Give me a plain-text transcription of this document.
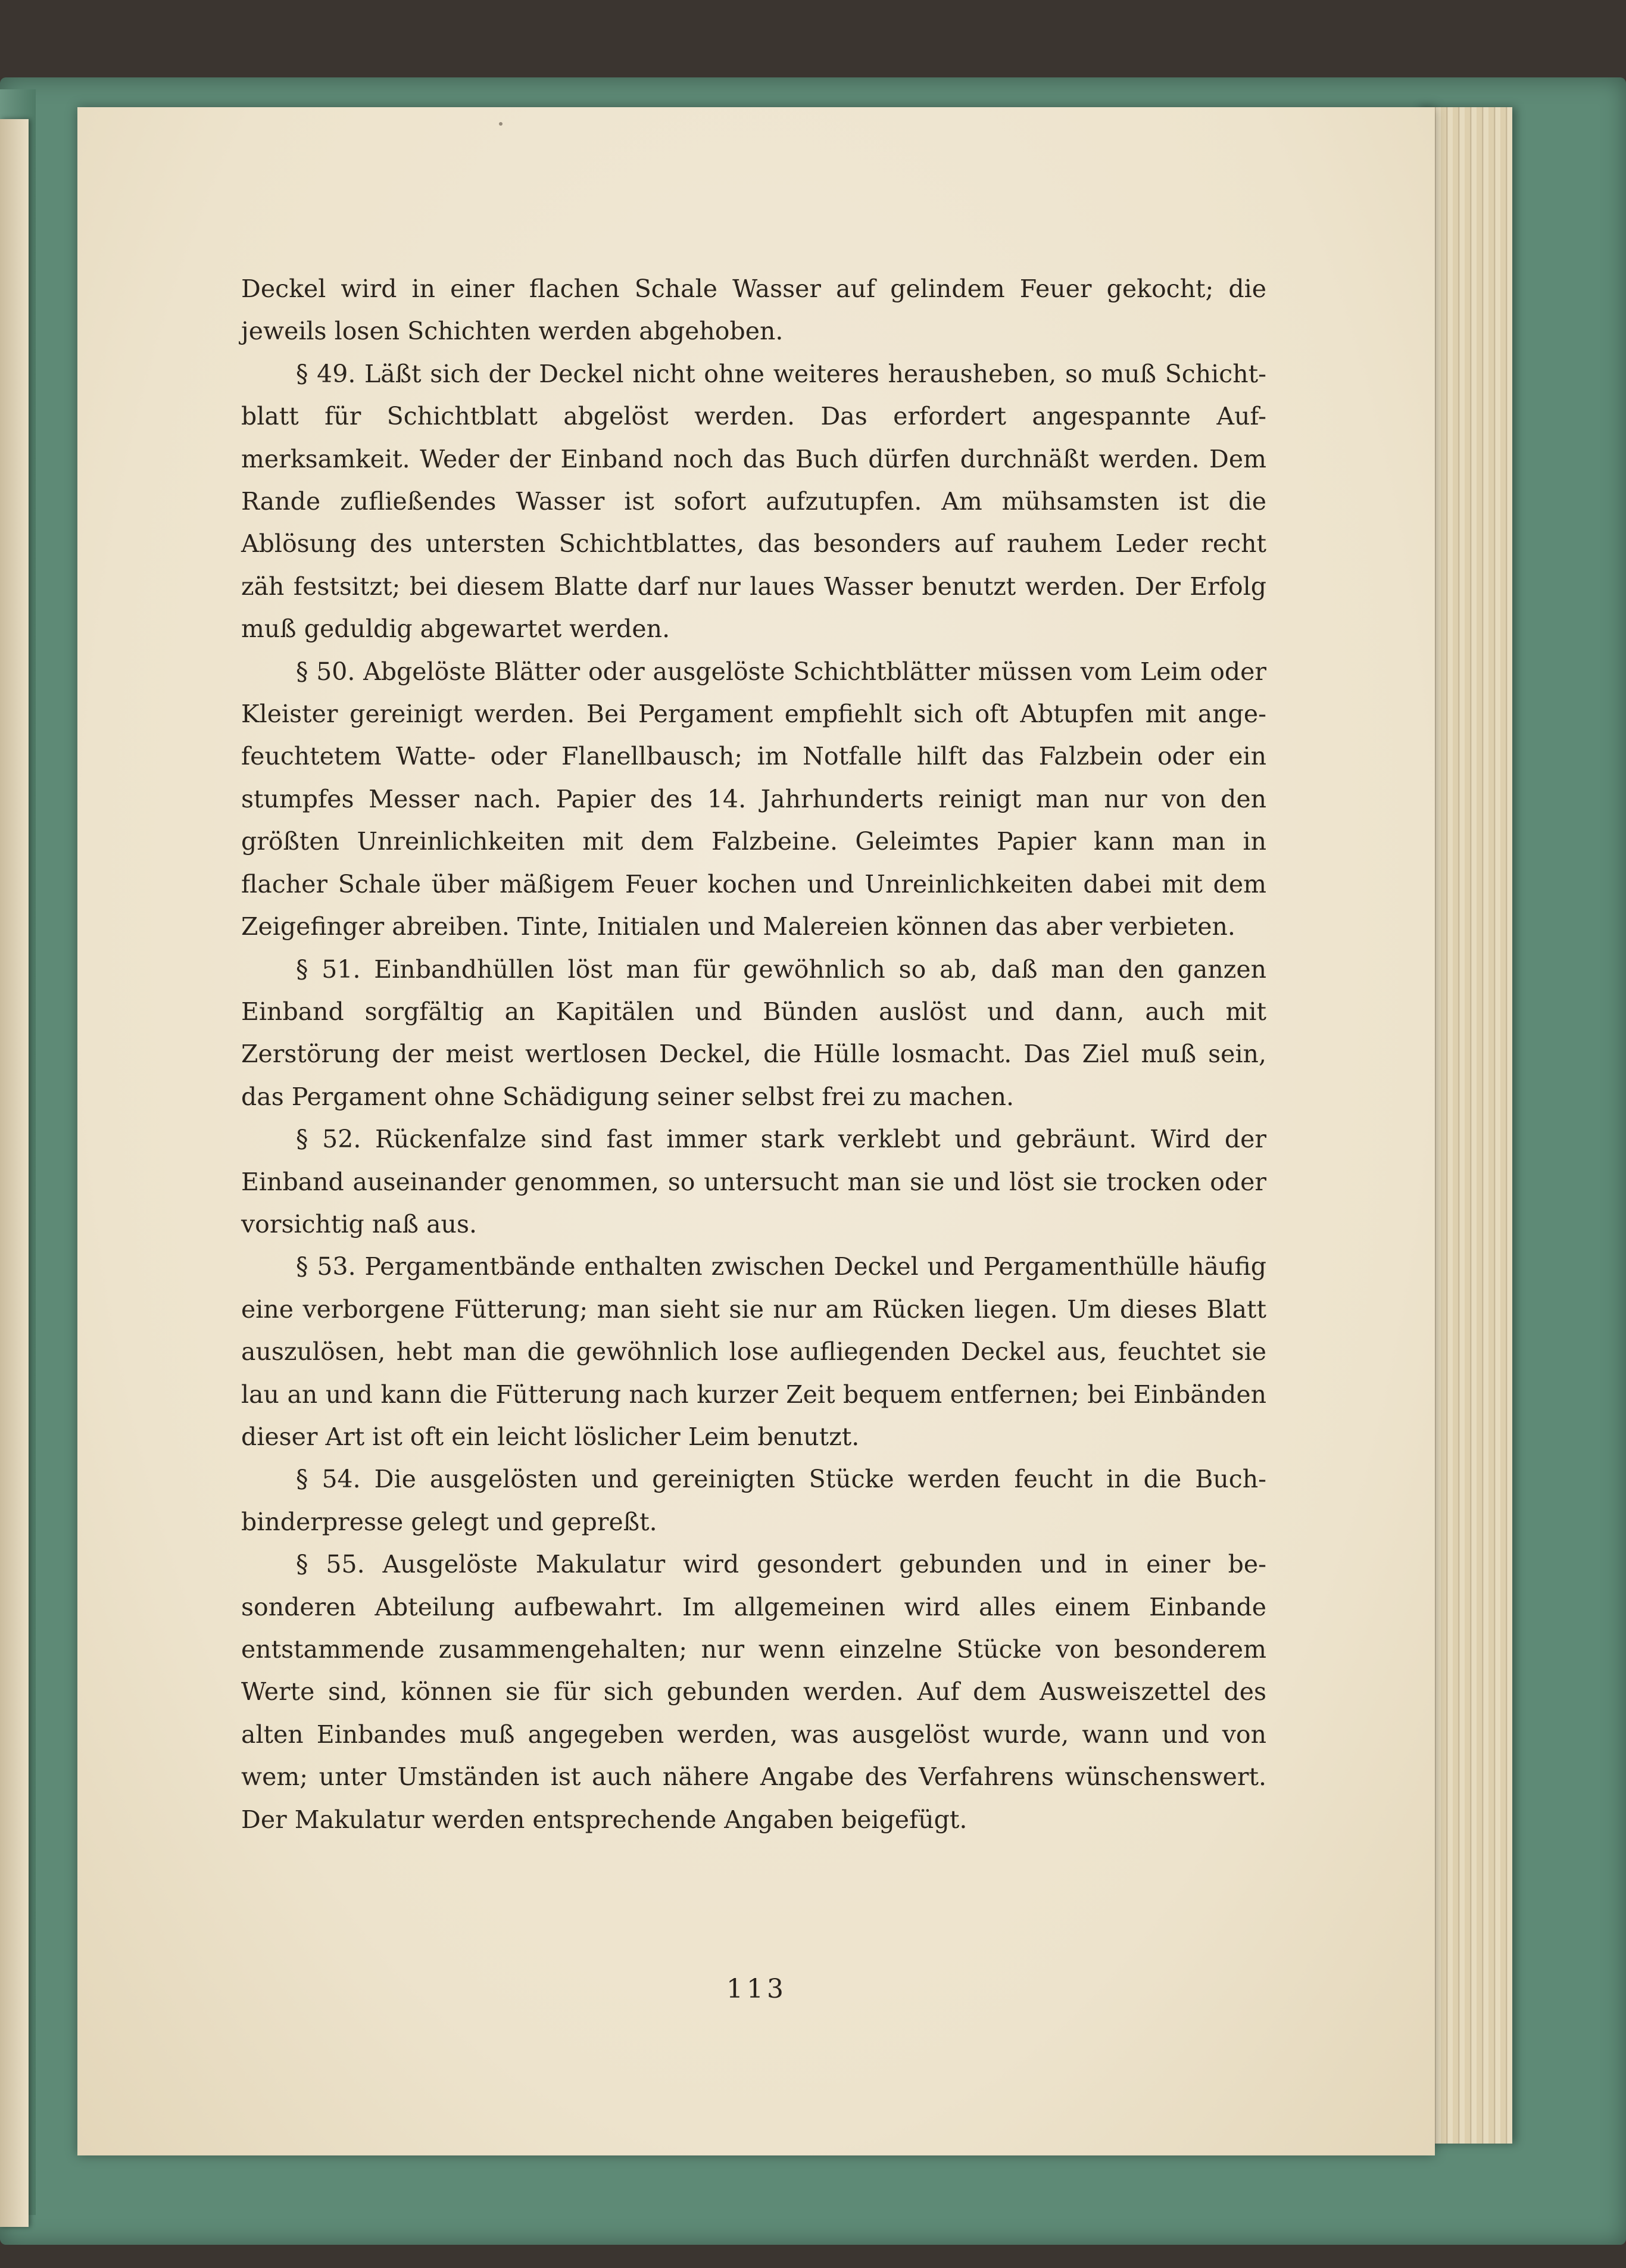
Deckel wird in einer flachen Schale Wasser auf gelindem Feuer gekocht; die jeweils losen Schichten werden abgehoben.

§ 49. Läßt sich der Deckel nicht ohne weiteres herausheben, so muß Schicht-blatt für Schichtblatt abgelöst werden. Das erfordert angespannte Auf-merksamkeit. Weder der Einband noch das Buch dürfen durchnäßt werden. Dem Rande zufließendes Wasser ist sofort aufzutupfen. Am mühsamsten ist die Ablösung des untersten Schichtblattes, das besonders auf rauhem Leder recht zäh festsitzt; bei diesem Blatte darf nur laues Wasser benutzt werden. Der Erfolg muß geduldig abgewartet werden.

§ 50. Abgelöste Blätter oder ausgelöste Schichtblätter müssen vom Leim oder Kleister gereinigt werden. Bei Pergament empfiehlt sich oft Abtupfen mit ange-feuchtetem Watte- oder Flanellbausch; im Notfalle hilft das Falzbein oder ein stumpfes Messer nach. Papier des 14. Jahrhunderts reinigt man nur von den größten Unreinlichkeiten mit dem Falzbeine. Geleimtes Papier kann man in flacher Schale über mäßigem Feuer kochen und Unreinlichkeiten dabei mit dem Zeigefinger abreiben. Tinte, Initialen und Malereien können das aber verbieten.

§ 51. Einbandhüllen löst man für gewöhnlich so ab, daß man den ganzen Einband sorgfältig an Kapitälen und Bünden auslöst und dann, auch mit Zerstörung der meist wertlosen Deckel, die Hülle losmacht. Das Ziel muß sein, das Pergament ohne Schädigung seiner selbst frei zu machen.

§ 52. Rückenfalze sind fast immer stark verklebt und gebräunt. Wird der Einband auseinander genommen, so untersucht man sie und löst sie trocken oder vorsichtig naß aus.

§ 53. Pergamentbände enthalten zwischen Deckel und Pergamenthülle häufig eine verborgene Fütterung; man sieht sie nur am Rücken liegen. Um dieses Blatt auszulösen, hebt man die gewöhnlich lose aufliegenden Deckel aus, feuchtet sie lau an und kann die Fütterung nach kurzer Zeit bequem entfernen; bei Einbänden dieser Art ist oft ein leicht löslicher Leim benutzt.

§ 54. Die ausgelösten und gereinigten Stücke werden feucht in die Buch-binderpresse gelegt und gepreßt.

§ 55. Ausgelöste Makulatur wird gesondert gebunden und in einer be-sonderen Abteilung aufbewahrt. Im allgemeinen wird alles einem Einbande entstammende zusammengehalten; nur wenn einzelne Stücke von besonderem Werte sind, können sie für sich gebunden werden. Auf dem Ausweiszettel des alten Einbandes muß angegeben werden, was ausgelöst wurde, wann und von wem; unter Umständen ist auch nähere Angabe des Verfahrens wünschenswert. Der Makulatur werden entsprechende Angaben beigefügt.

113
